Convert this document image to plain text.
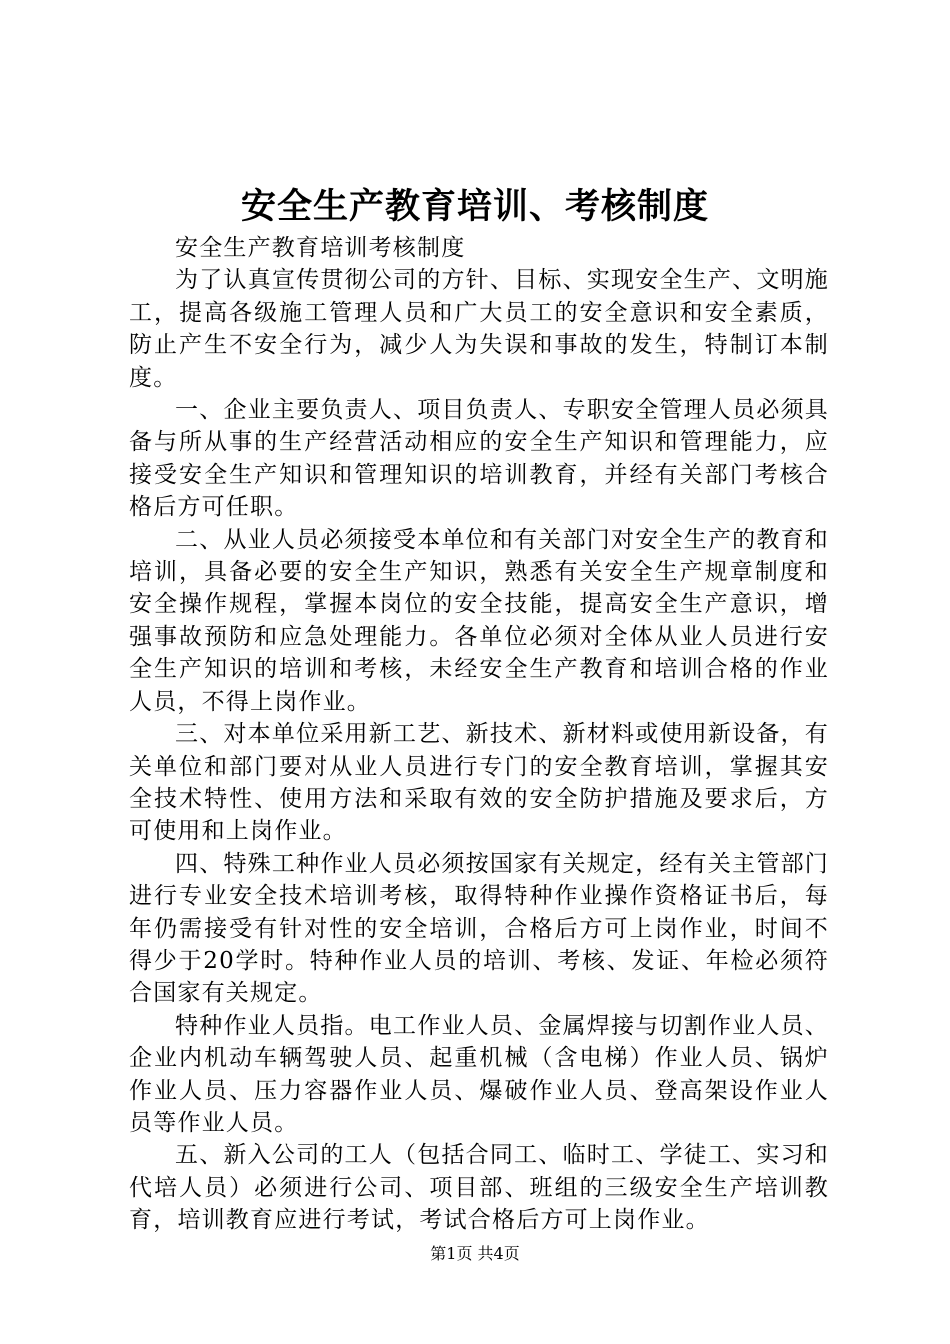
安全生产教育培训、考核制度

安全生产教育培训考核制度

为了认真宣传贯彻公司的方针、目标、实现安全生产、文明施工，提高各级施工管理人员和广大员工的安全意识和安全素质，防止产生不安全行为，减少人为失误和事故的发生，特制订本制度。

一、企业主要负责人、项目负责人、专职安全管理人员必须具备与所从事的生产经营活动相应的安全生产知识和管理能力，应接受安全生产知识和管理知识的培训教育，并经有关部门考核合格后方可任职。

二、从业人员必须接受本单位和有关部门对安全生产的教育和培训，具备必要的安全生产知识，熟悉有关安全生产规章制度和安全操作规程，掌握本岗位的安全技能，提高安全生产意识，增强事故预防和应急处理能力。各单位必须对全体从业人员进行安全生产知识的培训和考核，未经安全生产教育和培训合格的作业人员，不得上岗作业。

三、对本单位采用新工艺、新技术、新材料或使用新设备，有关单位和部门要对从业人员进行专门的安全教育培训，掌握其安全技术特性、使用方法和采取有效的安全防护措施及要求后，方可使用和上岗作业。

四、特殊工种作业人员必须按国家有关规定，经有关主管部门进行专业安全技术培训考核，取得特种作业操作资格证书后，每年仍需接受有针对性的安全培训，合格后方可上岗作业，时间不得少于20学时。特种作业人员的培训、考核、发证、年检必须符合国家有关规定。

特种作业人员指。电工作业人员、金属焊接与切割作业人员、企业内机动车辆驾驶人员、起重机械（含电梯）作业人员、锅炉作业人员、压力容器作业人员、爆破作业人员、登高架设作业人员等作业人员。

五、新入公司的工人（包括合同工、临时工、学徒工、实习和代培人员）必须进行公司、项目部、班组的三级安全生产培训教育，培训教育应进行考试，考试合格后方可上岗作业。

第1页 共4页
